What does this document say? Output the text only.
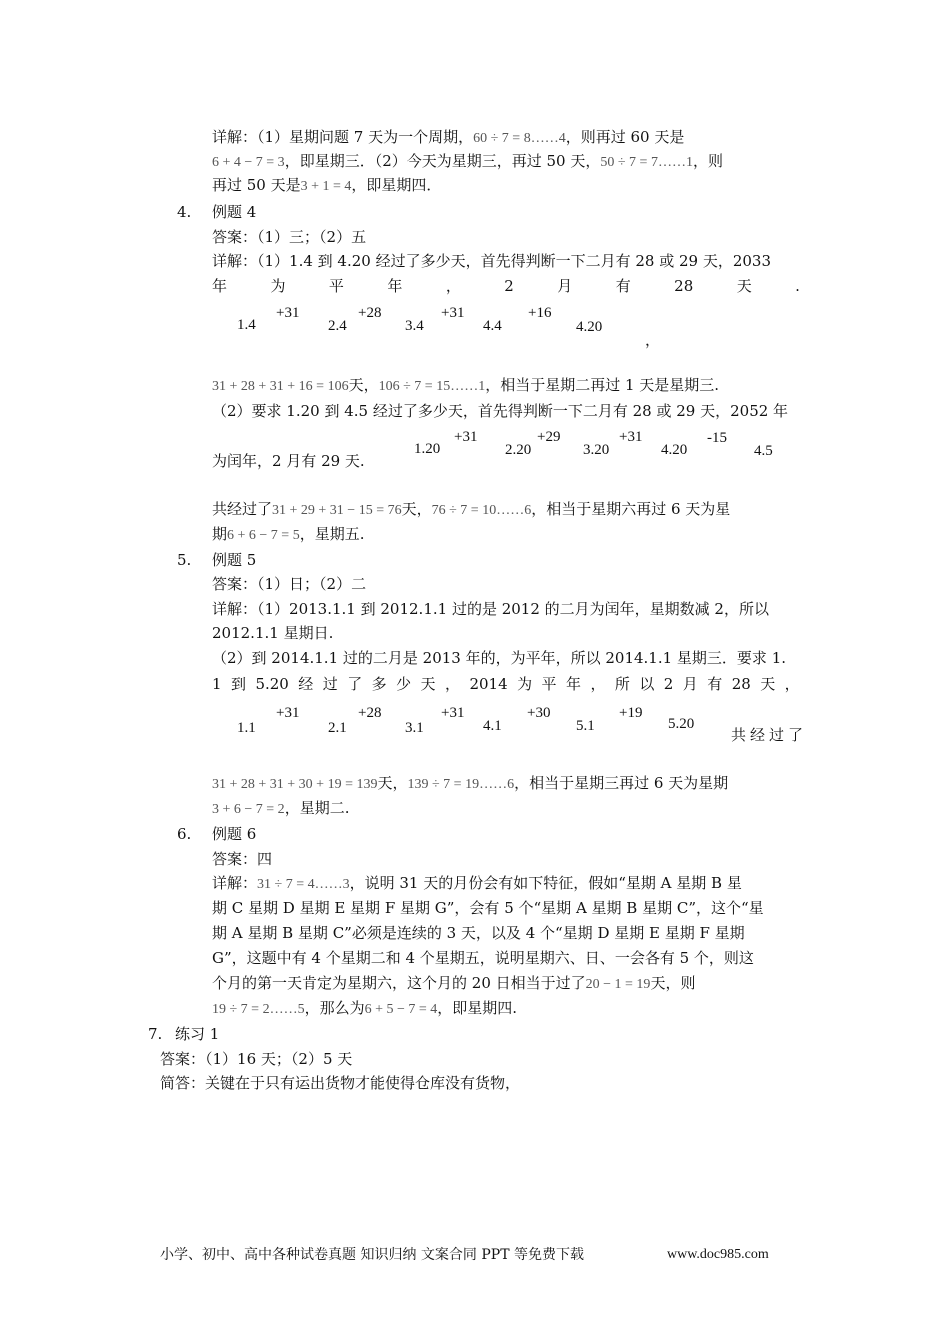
详解：（1）星期问题 7 天为一个周期，60 ÷ 7 = 8……4，则再过 60 天是
6 + 4 − 7 = 3，即星期三．（2）今天为星期三，再过 50 天，50 ÷ 7 = 7……1，则
再过 50 天是3 + 1 = 4，即星期四．
4. 例题 4
答案：（1）三；（2）五
详解：（1）1.4 到 4.20 经过了多少天，首先得判断一下二月有 28 或 29 天，2033
年	为	平	年	，	2	月	有	28	天	.
1.4
+31
2.4
+28
3.4
+31
4.4
+16
4.20
，
31 + 28 + 31 + 16 = 106天，106 ÷ 7 = 15……1，相当于星期二再过 1 天是星期三.
（2）要求 1.20 到 4.5 经过了多少天，首先得判断一下二月有 28 或 29 天，2052 年
为闰年，2 月有 29 天.
1.20
+31
2.20
+29
3.20
+31
4.20
-15
4.5
共经过了31 + 29 + 31 − 15 = 76天，76 ÷ 7 = 10……6，相当于星期六再过 6 天为星
期6 + 6 − 7 = 5，星期五.
5. 例题 5
答案：（1）日；（2）二
详解：（1）2013.1.1 到 2012.1.1 过的是 2012 的二月为闰年，星期数减 2，所以
2012.1.1 星期日.
（2）到 2014.1.1 过的二月是 2013 年的，为平年，所以 2014.1.1 星期三．要求 1.
1 到 5.20 经 过 了 多 少 天 ， 2014 为 平 年 ， 所 以 2 月 有 28 天 ，
1.1
+31
2.1
+28
3.1
+31
4.1
+30
5.1
+19
5.20
共经过了
31 + 28 + 31 + 30 + 19 = 139天，139 ÷ 7 = 19……6，相当于星期三再过 6 天为星期
3 + 6 − 7 = 2，星期二.
6. 例题 6
答案：四
详解：31 ÷ 7 = 4……3，说明 31 天的月份会有如下特征，假如“星期 A 星期 B 星
期 C 星期 D 星期 E 星期 F 星期 G”，会有 5 个“星期 A 星期 B 星期 C”，这个“星
期 A 星期 B 星期 C”必须是连续的 3 天，以及 4 个“星期 D 星期 E 星期 F 星期
G”，这题中有 4 个星期二和 4 个星期五，说明星期六、日、一会各有 5 个，则这
个月的第一天肯定为星期六，这个月的 20 日相当于过了20 − 1 = 19天，则
19 ÷ 7 = 2……5，那么为6 + 5 − 7 = 4，即星期四.
7. 练习 1
答案：（1）16 天；（2）5 天
简答：关键在于只有运出货物才能使得仓库没有货物，
小学、初中、高中各种试卷真题 知识归纳 文案合同 PPT 等免费下载	www.doc985.com
